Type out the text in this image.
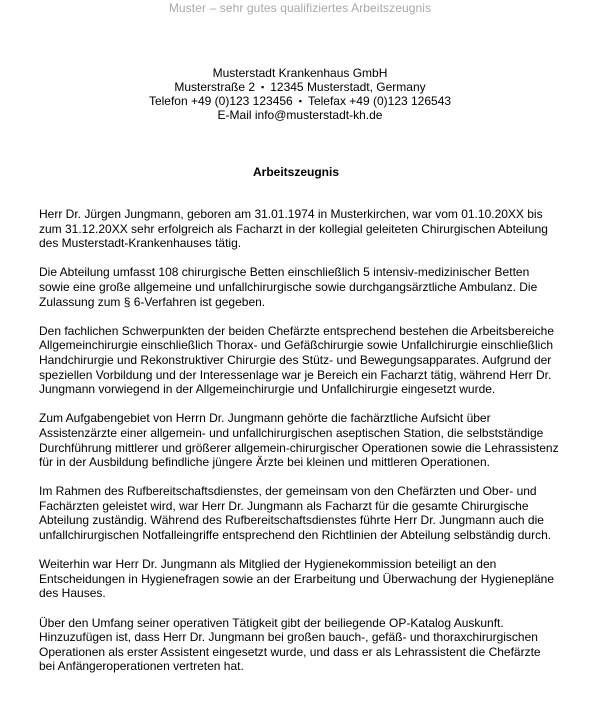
Muster – sehr gutes qualifiziertes Arbeitszeugnis
Musterstadt Krankenhaus GmbH
Musterstraße 2 ▪ 12345 Musterstadt, Germany
Telefon +49 (0)123 123456 ▪ Telefax +49 (0)123 126543
E-Mail info@musterstadt-kh.de
Arbeitszeugnis

Herr Dr. Jürgen Jungmann, geboren am 31.01.1974 in Musterkirchen, war vom 01.10.20XX bis zum 31.12.20XX sehr erfolgreich als Facharzt in der kollegial geleiteten Chirurgischen Abteilung des Musterstadt-Krankenhauses tätig.

Die Abteilung umfasst 108 chirurgische Betten einschließlich 5 intensiv-medizinischer Betten sowie eine große allgemeine und unfallchirurgische sowie durchgangsärztliche Ambulanz. Die Zulassung zum § 6-Verfahren ist gegeben.

Den fachlichen Schwerpunkten der beiden Chefärzte entsprechend bestehen die Arbeitsbereiche Allgemeinchirurgie einschließlich Thorax- und Gefäßchirurgie sowie Unfallchirurgie einschließlich Handchirurgie und Rekonstruktiver Chirurgie des Stütz- und Bewegungsapparates. Aufgrund der speziellen Vorbildung und der Interessenlage war je Bereich ein Facharzt tätig, während Herr Dr. Jungmann vorwiegend in der Allgemeinchirurgie und Unfallchirurgie eingesetzt wurde.

Zum Aufgabengebiet von Herrn Dr. Jungmann gehörte die fachärztliche Aufsicht über Assistenzärzte einer allgemein- und unfallchirurgischen aseptischen Station, die selbstständige Durchführung mittlerer und größerer allgemein-chirurgischer Operationen sowie die Lehrassistenz für in der Ausbildung befindliche jüngere Ärzte bei kleinen und mittleren Operationen.

Im Rahmen des Rufbereitschaftsdienstes, der gemeinsam von den Chefärzten und Ober- und Fachärzten geleistet wird, war Herr Dr. Jungmann als Facharzt für die gesamte Chirurgische Abteilung zuständig. Während des Rufbereitschaftsdienstes führte Herr Dr. Jungmann auch die unfallchirurgischen Notfalleingriffe entsprechend den Richtlinien der Abteilung selbständig durch.

Weiterhin war Herr Dr. Jungmann als Mitglied der Hygienekommission beteiligt an den Entscheidungen in Hygienefragen sowie an der Erarbeitung und Überwachung der Hygienepläne des Hauses.

Über den Umfang seiner operativen Tätigkeit gibt der beiliegende OP-Katalog Auskunft. Hinzuzufügen ist, dass Herr Dr. Jungmann bei großen bauch-, gefäß- und thoraxchirurgischen Operationen als erster Assistent eingesetzt wurde, und dass er als Lehrassistent die Chefärzte bei Anfängeroperationen vertreten hat.
